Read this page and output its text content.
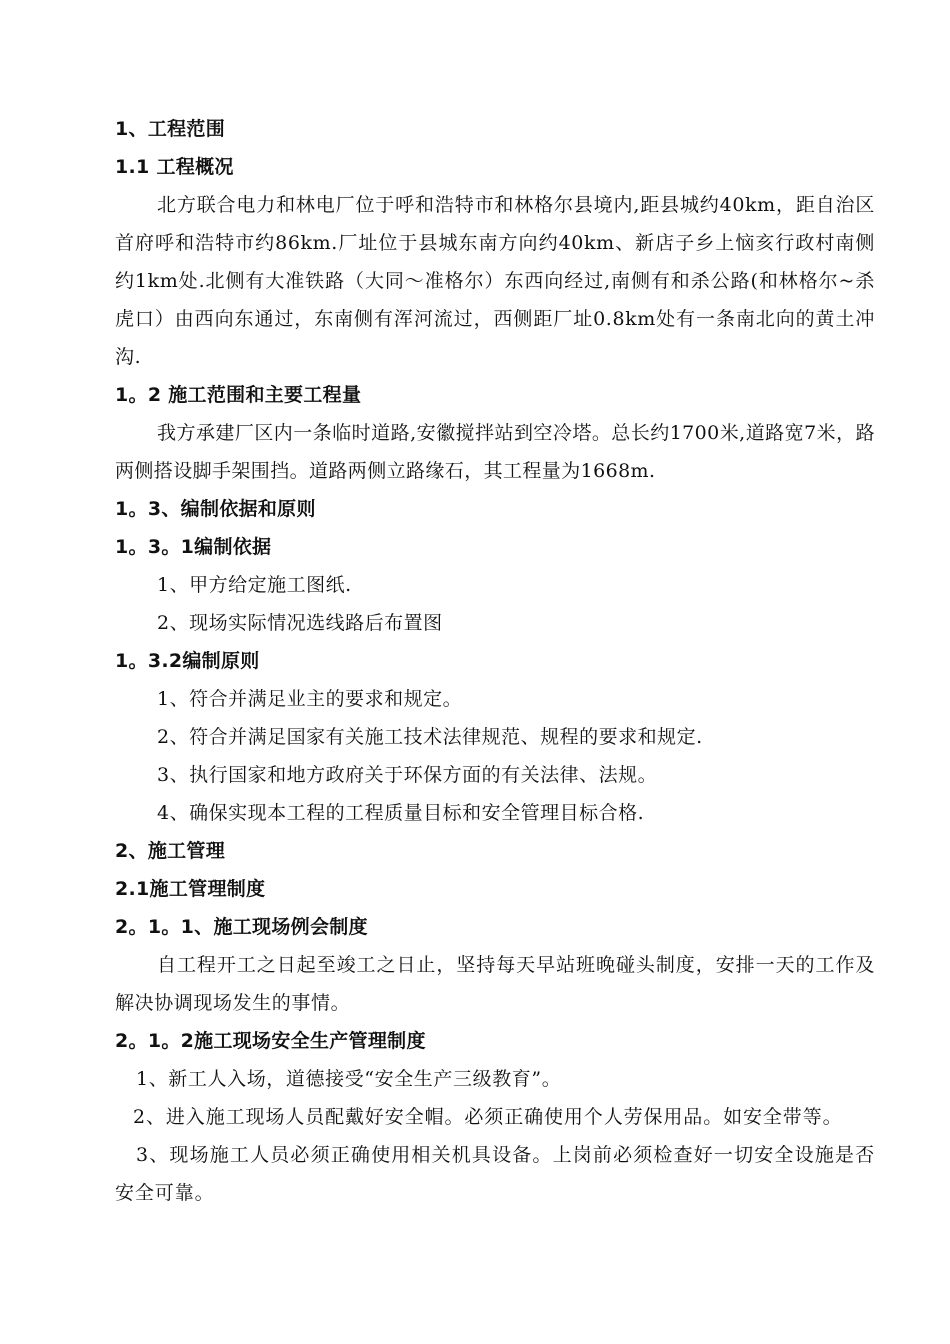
1、工程范围
1.1 工程概况
北方联合电力和林电厂位于呼和浩特市和林格尔县境内,距县城约40km，距自治区首府呼和浩特市约86km.厂址位于县城东南方向约40km、新店子乡上恼亥行政村南侧约1km处.北侧有大准铁路（大同～准格尔）东西向经过,南侧有和杀公路(和林格尔~杀虎口）由西向东通过，东南侧有浑河流过，西侧距厂址0.8km处有一条南北向的黄土冲沟.
1。2 施工范围和主要工程量
我方承建厂区内一条临时道路,安徽搅拌站到空冷塔。总长约1700米,道路宽7米，路两侧搭设脚手架围挡。道路两侧立路缘石，其工程量为1668m.
1。3、编制依据和原则
1。3。1编制依据
1、甲方给定施工图纸.
2、现场实际情况选线路后布置图
1。3.2编制原则
1、符合并满足业主的要求和规定。
2、符合并满足国家有关施工技术法律规范、规程的要求和规定.
3、执行国家和地方政府关于环保方面的有关法律、法规。
4、确保实现本工程的工程质量目标和安全管理目标合格.
2、施工管理
2.1施工管理制度
2。1。1、施工现场例会制度
自工程开工之日起至竣工之日止，坚持每天早站班晚碰头制度，安排一天的工作及解决协调现场发生的事情。
2。1。2施工现场安全生产管理制度
1、新工人入场，道德接受“安全生产三级教育”。
2、进入施工现场人员配戴好安全帽。必须正确使用个人劳保用品。如安全带等。
3、现场施工人员必须正确使用相关机具设备。上岗前必须检查好一切安全设施是否安全可靠。
